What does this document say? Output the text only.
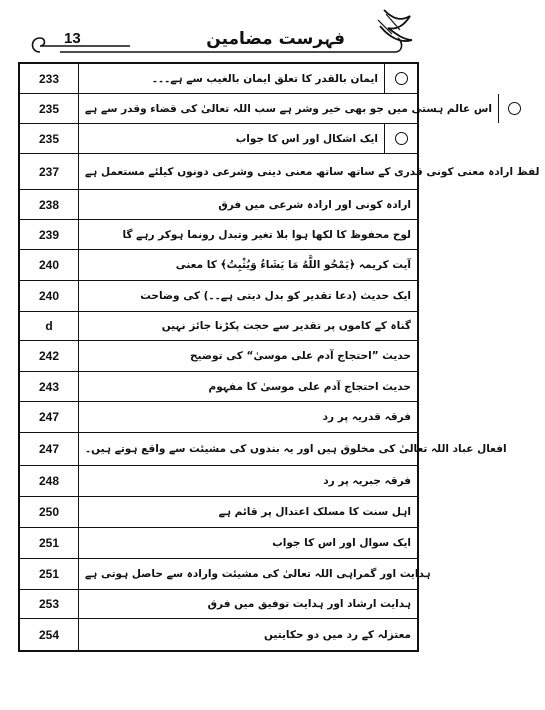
13	فہرست مضامین
233	ایمان بالقدر کا تعلق ایمان بالغیب سے ہے۔۔۔
235	اس عالم ہستی میں جو بھی خیر وشر ہے سب اللہ تعالیٰ کی قضاء وقدر سے ہے
235	ایک اشکال اور اس کا جواب
237	لفظ ارادہ معنی کونی قدری کے ساتھ ساتھ معنی دینی وشرعی دونوں کیلئے مستعمل ہے
238	ارادہ کونی اور ارادہ شرعی میں فرق
239	لوح محفوظ کا لکھا ہوا بلا تغیر وتبدل رونما ہوکر رہے گا
240	آیت کریمہ ﴿يَمْحُو اللَّهُ مَا يَشَاءُ وَيُثْبِتُ﴾ کا معنی
240	ایک حدیث (دعا تقدیر کو بدل دیتی ہے۔۔) کی وضاحت
d	گناہ کے کاموں پر تقدیر سے حجت پکڑنا جائز نہیں
242	حدیث ”احتجاج آدم علی موسیٰ“ کی توضیح
243	حدیث احتجاج آدم علی موسیٰ کا مفہوم
247	فرقہ قدریہ پر رد
247	افعال عباد اللہ تعالیٰ کی مخلوق ہیں اور یہ بندوں کی مشیئت سے واقع ہوتے ہیں۔
248	فرقہ جبریہ پر رد
250	اہل سنت کا مسلک اعتدال پر قائم ہے
251	ایک سوال اور اس کا جواب
251	ہدایت اور گمراہی اللہ تعالیٰ کی مشیئت وارادہ سے حاصل ہوتی ہے
253	ہدایت ارشاد اور ہدایت توفیق میں فرق
254	معتزلہ کے رد میں دو حکایتیں
